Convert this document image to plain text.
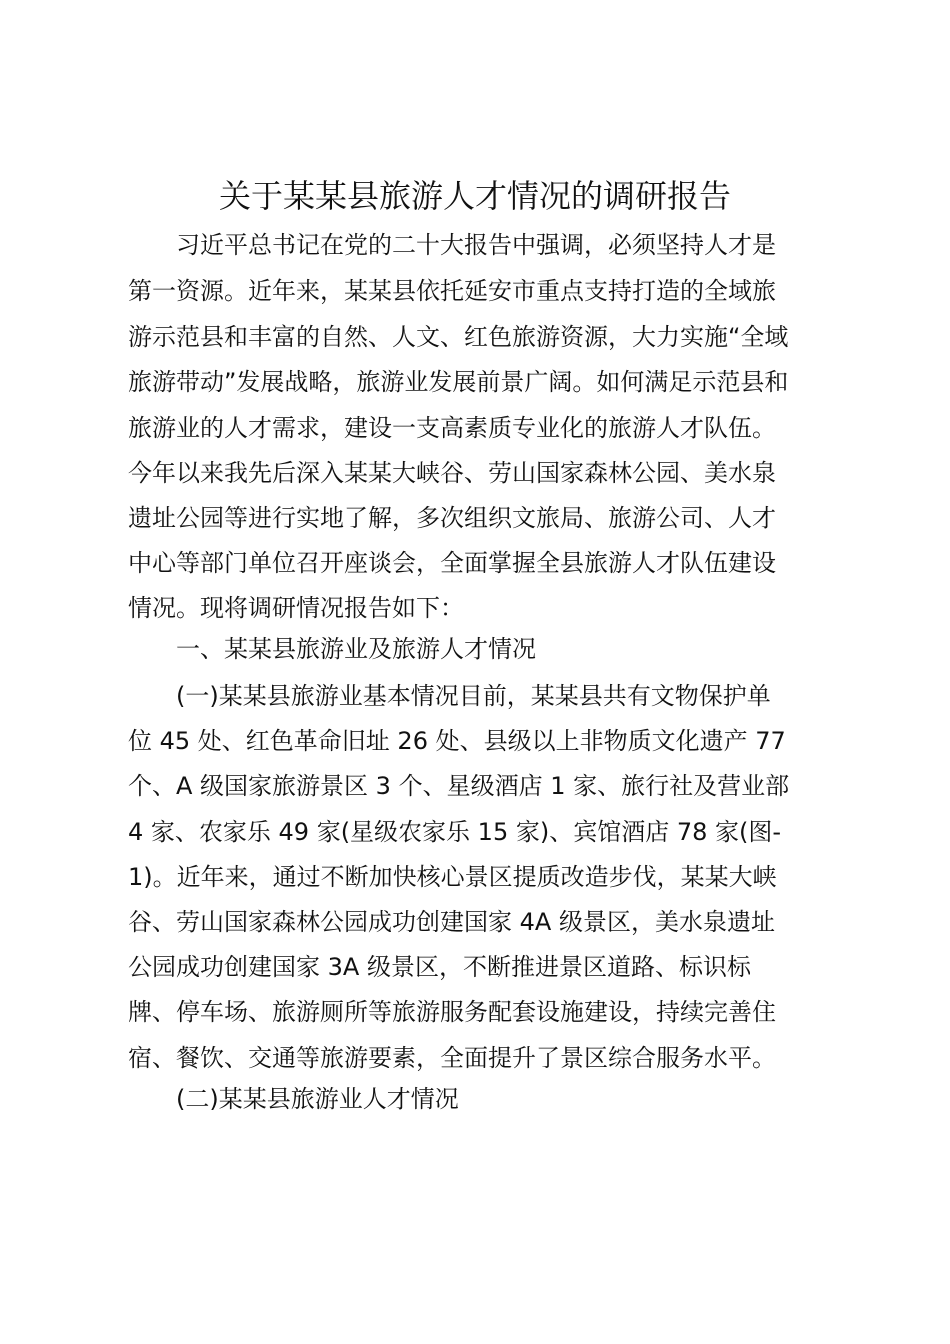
关于某某县旅游人才情况的调研报告
习近平总书记在党的二十大报告中强调，必须坚持人才是
第一资源。近年来，某某县依托延安市重点支持打造的全域旅
游示范县和丰富的自然、人文、红色旅游资源，大力实施“全域
旅游带动”发展战略，旅游业发展前景广阔。如何满足示范县和
旅游业的人才需求，建设一支高素质专业化的旅游人才队伍。
今年以来我先后深入某某大峡谷、劳山国家森林公园、美水泉
遗址公园等进行实地了解，多次组织文旅局、旅游公司、人才
中心等部门单位召开座谈会，全面掌握全县旅游人才队伍建设
情况。现将调研情况报告如下：
一、某某县旅游业及旅游人才情况
(一)某某县旅游业基本情况目前，某某县共有文物保护单
位 45 处、红色革命旧址 26 处、县级以上非物质文化遗产 77
个、A 级国家旅游景区 3 个、星级酒店 1 家、旅行社及营业部
4 家、农家乐 49 家(星级农家乐 15 家)、宾馆酒店 78 家(图-
1)。近年来，通过不断加快核心景区提质改造步伐，某某大峡
谷、劳山国家森林公园成功创建国家 4A 级景区，美水泉遗址
公园成功创建国家 3A 级景区，不断推进景区道路、标识标
牌、停车场、旅游厕所等旅游服务配套设施建设，持续完善住
宿、餐饮、交通等旅游要素，全面提升了景区综合服务水平。
(二)某某县旅游业人才情况
